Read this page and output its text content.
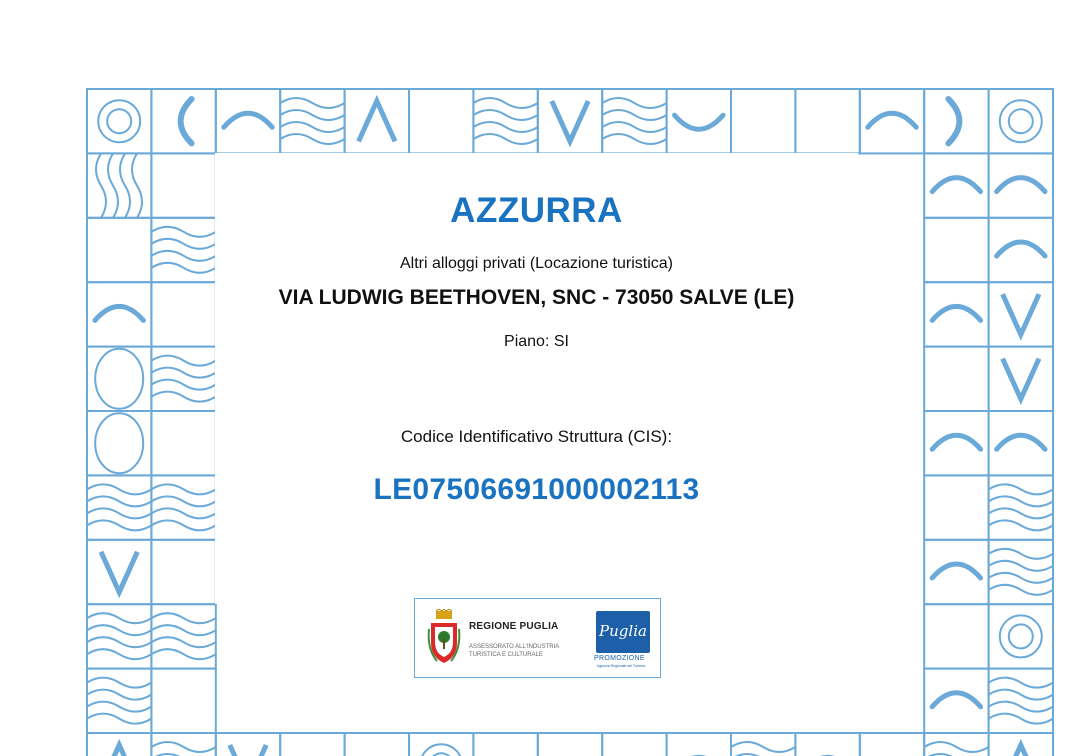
AZZURRA
Altri alloggi privati (Locazione turistica)
VIA LUDWIG BEETHOVEN, SNC - 73050 SALVE (LE)
Piano: SI
Codice Identificativo Struttura (CIS):
LE07506691000002113
REGIONE PUGLIA
ASSESSORATO ALL'INDUSTRIA TURISTICA E CULTURALE
Puglia
PROMOZIONE
Agenzia Regionale del Turismo
